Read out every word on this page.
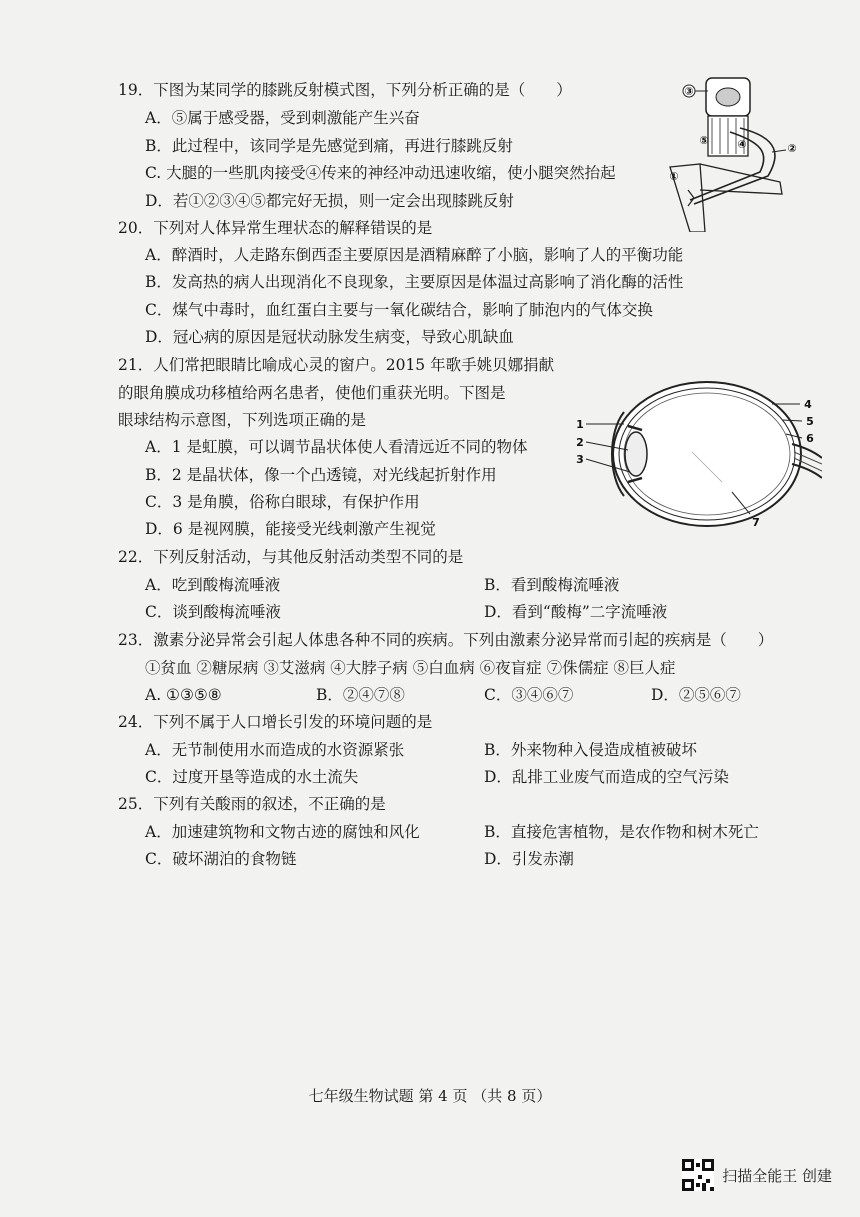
19．下图为某同学的膝跳反射模式图，下列分析正确的是（　　）
A．⑤属于感受器，受到刺激能产生兴奋
B．此过程中，该同学是先感觉到痛，再进行膝跳反射
C. 大腿的一些肌肉接受④传来的神经冲动迅速收缩，使小腿突然抬起
D．若①②③④⑤都完好无损，则一定会出现膝跳反射
③
⑤	④	②
①
20．下列对人体异常生理状态的解释错误的是
A．醉酒时，人走路东倒西歪主要原因是酒精麻醉了小脑，影响了人的平衡功能
B．发高热的病人出现消化不良现象，主要原因是体温过高影响了消化酶的活性
C．煤气中毒时，血红蛋白主要与一氧化碳结合，影响了肺泡内的气体交换
D．冠心病的原因是冠状动脉发生病变，导致心肌缺血
21．人们常把眼睛比喻成心灵的窗户。2015 年歌手姚贝娜捐献
的眼角膜成功移植给两名患者，使他们重获光明。下图是
眼球结构示意图，下列选项正确的是
A．1 是虹膜，可以调节晶状体使人看清远近不同的物体
B．2 是晶状体，像一个凸透镜，对光线起折射作用
C．3 是角膜，俗称白眼球，有保护作用
D．6 是视网膜，能接受光线刺激产生视觉
1
2
3
4
5
6
7
22．下列反射活动，与其他反射活动类型不同的是
A．吃到酸梅流唾液	B．看到酸梅流唾液
C．谈到酸梅流唾液	D．看到“酸梅”二字流唾液
23．激素分泌异常会引起人体患各种不同的疾病。下列由激素分泌异常而引起的疾病是（　　）
①贫血 ②糖尿病 ③艾滋病 ④大脖子病 ⑤白血病 ⑥夜盲症 ⑦侏儒症 ⑧巨人症
A. ①③⑤⑧	B．②④⑦⑧	C．③④⑥⑦	D．②⑤⑥⑦
24．下列不属于人口增长引发的环境问题的是
A．无节制使用水而造成的水资源紧张	B．外来物种入侵造成植被破坏
C．过度开垦等造成的水土流失	D．乱排工业废气而造成的空气污染
25．下列有关酸雨的叙述，不正确的是
A．加速建筑物和文物古迹的腐蚀和风化	B．直接危害植物，是农作物和树木死亡
C．破坏湖泊的食物链	D．引发赤潮
七年级生物试题 第 4 页 （共 8 页）
扫描全能王 创建
